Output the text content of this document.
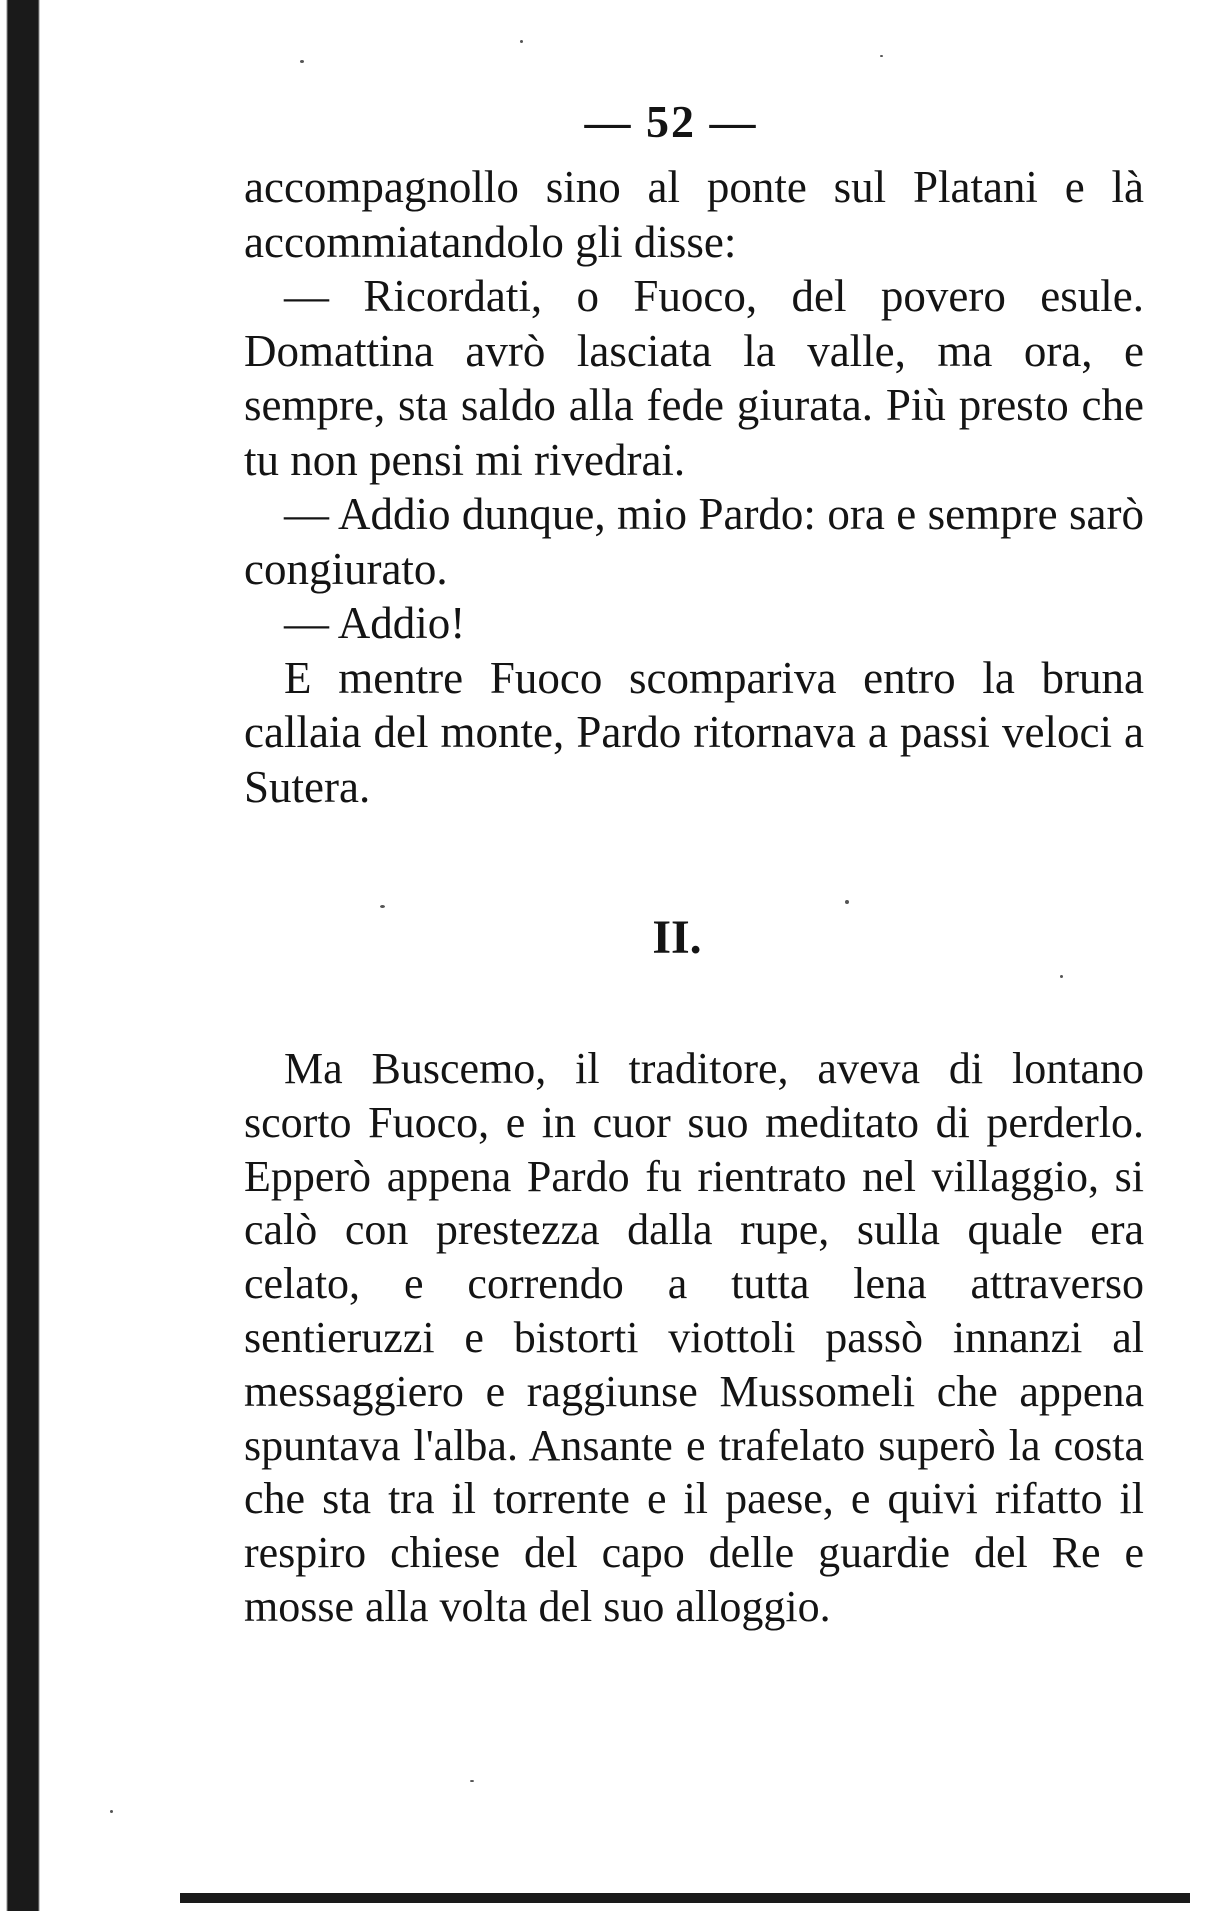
— 52 —

accompagnollo sino al ponte sul Platani e là accommiatandolo gli disse:

— Ricordati, o Fuoco, del povero esule. Domattina avrò lasciata la valle, ma ora, e sempre, sta saldo alla fede giurata. Più presto che tu non pensi mi rivedrai.

— Addio dunque, mio Pardo: ora e sempre sarò congiurato.

— Addio!

E mentre Fuoco scompariva entro la bruna callaia del monte, Pardo ritornava a passi veloci a Sutera.

II.

Ma Buscemo, il traditore, aveva di lontano scorto Fuoco, e in cuor suo meditato di perderlo. Epperò appena Pardo fu rientrato nel villaggio, si calò con prestezza dalla rupe, sulla quale era celato, e correndo a tutta lena attraverso sentieruzzi e bistorti viottoli passò innanzi al messaggiero e raggiunse Mussomeli che appena spuntava l'alba. Ansante e trafelato superò la costa che sta tra il torrente e il paese, e quivi rifatto il respiro chiese del capo delle guardie del Re e mosse alla volta del suo alloggio.
